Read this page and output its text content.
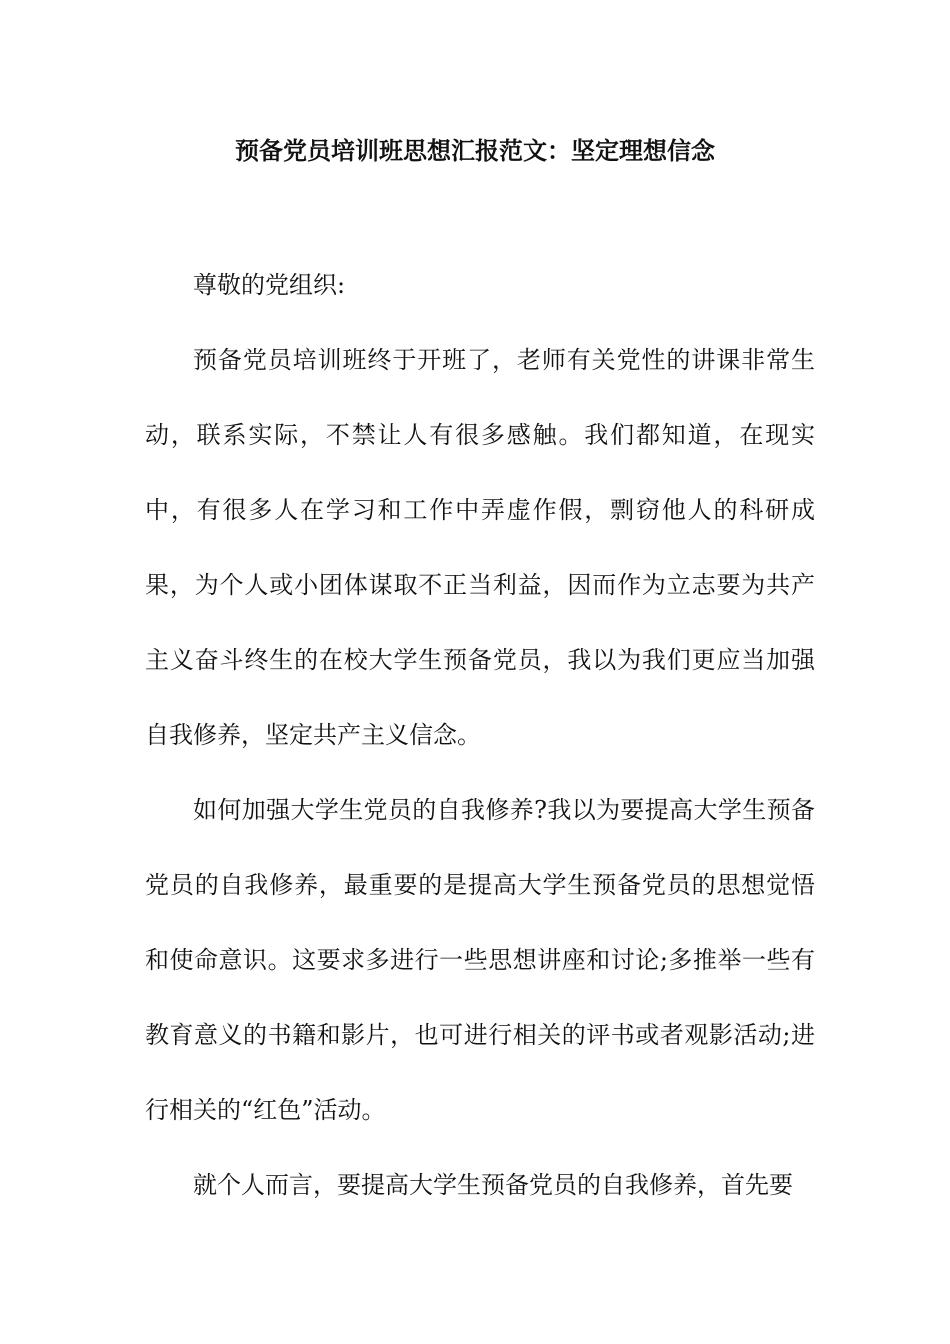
预备党员培训班思想汇报范文：坚定理想信念

尊敬的党组织:

预备党员培训班终于开班了，老师有关党性的讲课非常生动，联系实际，不禁让人有很多感触。我们都知道，在现实中，有很多人在学习和工作中弄虚作假，剽窃他人的科研成果，为个人或小团体谋取不正当利益，因而作为立志要为共产主义奋斗终生的在校大学生预备党员，我以为我们更应当加强自我修养，坚定共产主义信念。

如何加强大学生党员的自我修养?我以为要提高大学生预备党员的自我修养，最重要的是提高大学生预备党员的思想觉悟和使命意识。这要求多进行一些思想讲座和讨论;多推举一些有教育意义的书籍和影片，也可进行相关的评书或者观影活动;进行相关的“红色”活动。

就个人而言，要提高大学生预备党员的自我修养，首先要
